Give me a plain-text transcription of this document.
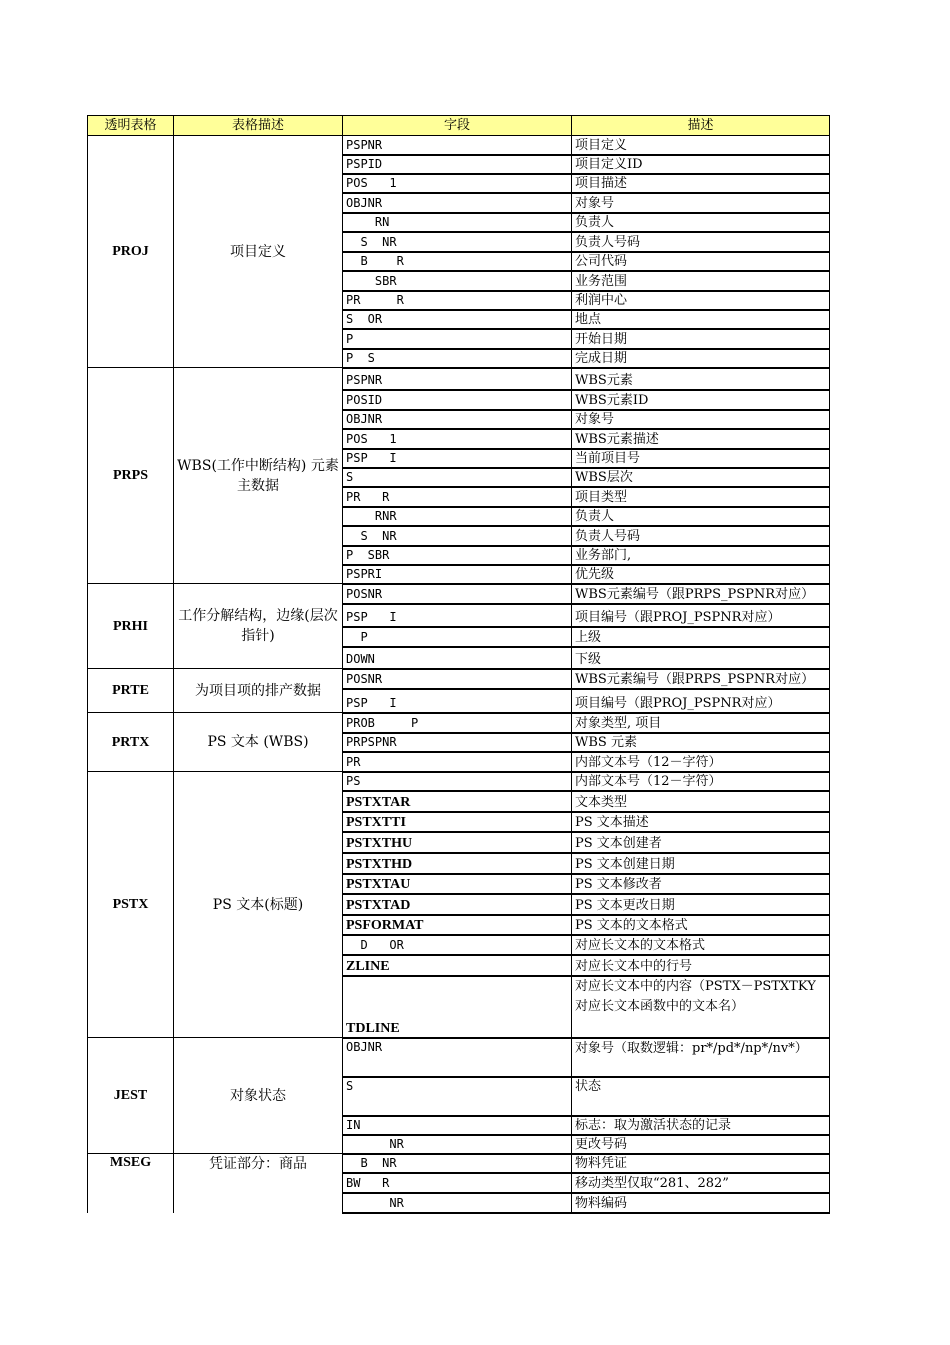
透明表格	表格描述	字段	描述
PROJ	项目定义	PSPNR	项目定义
		PSPID	项目定义ID
		POS   1	项目描述
		OBJNR	对象号
		RN	负责人
		S  NR	负责人号码
		B    R	公司代码
		SBR	业务范围
		PR     R	利润中心
		S  OR	地点
		P	开始日期
		P  S	完成日期
PRPS	WBS(工作中断结构) 元素主数据	PSPNR	WBS元素
		POSID	WBS元素ID
		OBJNR	对象号
		POS   1	WBS元素描述
		PSP   I	当前项目号
		S	WBS层次
		PR   R	项目类型
		RNR	负责人
		S  NR	负责人号码
		P  SBR	业务部门,
		PSPRI	优先级
PRHI	工作分解结构，边缘(层次指针)	POSNR	WBS元素编号（跟PRPS_PSPNR对应）
		PSP   I	项目编号（跟PROJ_PSPNR对应）
		P	上级
		DOWN	下级
PRTE	为项目项的排产数据	POSNR	WBS元素编号（跟PRPS_PSPNR对应）
		PSP   I	项目编号（跟PROJ_PSPNR对应）
PRTX	PS 文本 (WBS)	PROB     P	对象类型, 项目
		PRPSPNR	WBS 元素
		PR	内部文本号（12－字符）
PSTX	PS 文本(标题)	PS	内部文本号（12－字符）
		PSTXTAR	文本类型
		PSTXTTI	PS 文本描述
		PSTXTHU	PS 文本创建者
		PSTXTHD	PS 文本创建日期
		PSTXTAU	PS 文本修改者
		PSTXTAD	PS 文本更改日期
		PSFORMAT	PS 文本的文本格式
		D   OR	对应长文本的文本格式
		ZLINE	对应长文本中的行号
		TDLINE	对应长文本中的内容（PSTX－PSTXTKY对应长文本函数中的文本名）
JEST	对象状态	OBJNR	对象号（取数逻辑：pr*/pd*/np*/nv*）
		S	状态
		IN	标志：取为激活状态的记录
		NR	更改号码
MSEG	凭证部分：商品	B  NR	物料凭证
		BW   R	移动类型仅取“281、282”
		NR	物料编码
